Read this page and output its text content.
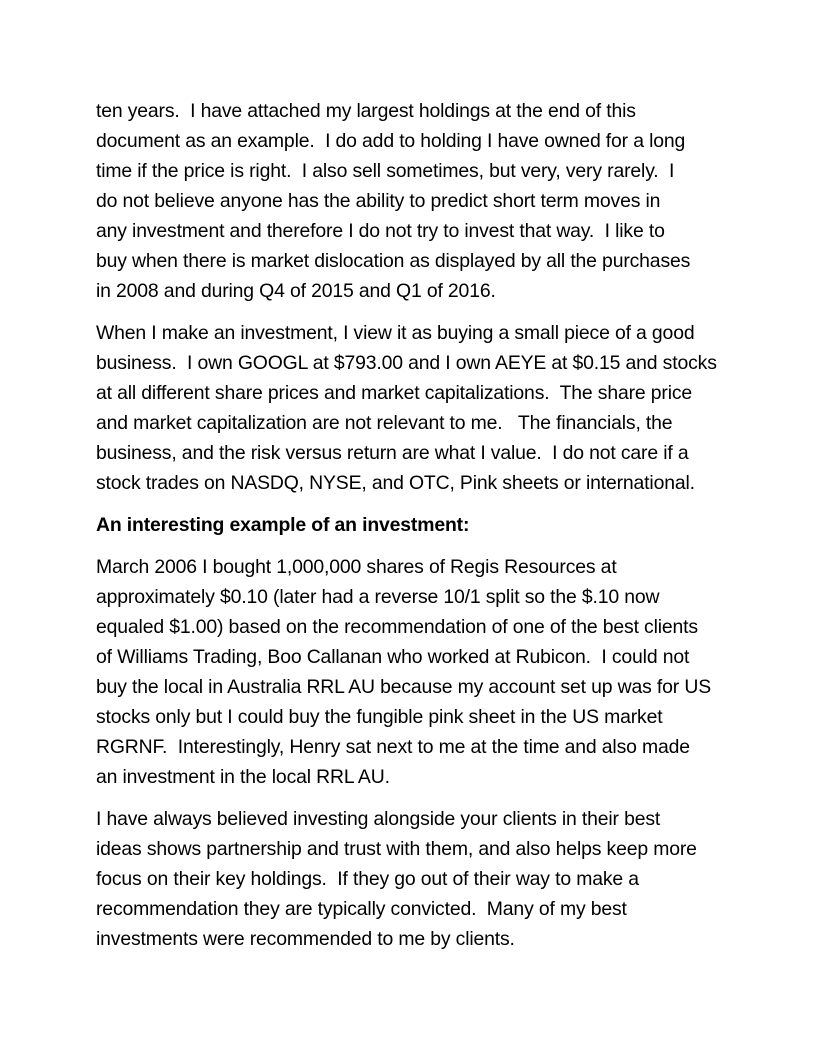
ten years.  I have attached my largest holdings at the end of this
document as an example.  I do add to holding I have owned for a long
time if the price is right.  I also sell sometimes, but very, very rarely.  I
do not believe anyone has the ability to predict short term moves in
any investment and therefore I do not try to invest that way.  I like to
buy when there is market dislocation as displayed by all the purchases
in 2008 and during Q4 of 2015 and Q1 of 2016.
When I make an investment, I view it as buying a small piece of a good
business.  I own GOOGL at $793.00 and I own AEYE at $0.15 and stocks
at all different share prices and market capitalizations.  The share price
and market capitalization are not relevant to me.   The financials, the
business, and the risk versus return are what I value.  I do not care if a
stock trades on NASDQ, NYSE, and OTC, Pink sheets or international.
An interesting example of an investment:
March 2006 I bought 1,000,000 shares of Regis Resources at
approximately $0.10 (later had a reverse 10/1 split so the $.10 now
equaled $1.00) based on the recommendation of one of the best clients
of Williams Trading, Boo Callanan who worked at Rubicon.  I could not
buy the local in Australia RRL AU because my account set up was for US
stocks only but I could buy the fungible pink sheet in the US market
RGRNF.  Interestingly, Henry sat next to me at the time and also made
an investment in the local RRL AU.
I have always believed investing alongside your clients in their best
ideas shows partnership and trust with them, and also helps keep more
focus on their key holdings.  If they go out of their way to make a
recommendation they are typically convicted.  Many of my best
investments were recommended to me by clients.
